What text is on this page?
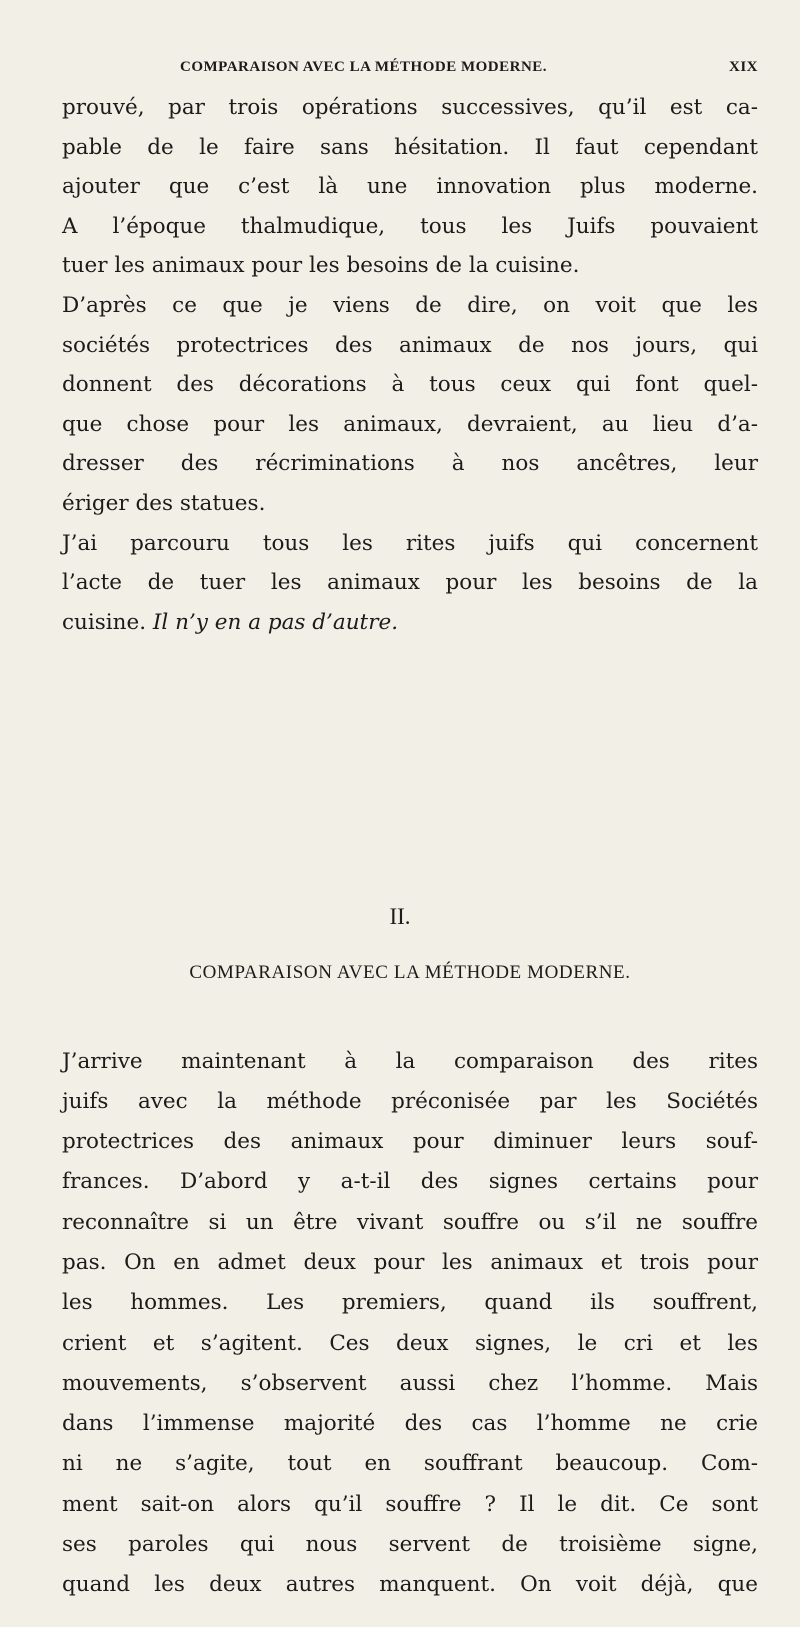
COMPARAISON AVEC LA MÉTHODE MODERNE.	XIX

prouvé, par trois opérations successives, qu’il est ca-
pable de le faire sans hésitation. Il faut cependant
ajouter que c’est là une innovation plus moderne.
A l’époque thalmudique, tous les Juifs pouvaient
tuer les animaux pour les besoins de la cuisine.

D’après ce que je viens de dire, on voit que les
sociétés protectrices des animaux de nos jours, qui
donnent des décorations à tous ceux qui font quel-
que chose pour les animaux, devraient, au lieu d’a-
dresser des récriminations à nos ancêtres, leur
ériger des statues.

J’ai parcouru tous les rites juifs qui concernent
l’acte de tuer les animaux pour les besoins de la
cuisine. Il n’y en a pas d’autre.

II.
COMPARAISON AVEC LA MÉTHODE MODERNE.

J’arrive maintenant à la comparaison des rites
juifs avec la méthode préconisée par les Sociétés
protectrices des animaux pour diminuer leurs souf-
frances. D’abord y a-t-il des signes certains pour
reconnaître si un être vivant souffre ou s’il ne souffre
pas. On en admet deux pour les animaux et trois pour
les hommes. Les premiers, quand ils souffrent,
crient et s’agitent. Ces deux signes, le cri et les
mouvements, s’observent aussi chez l’homme. Mais
dans l’immense majorité des cas l’homme ne crie
ni ne s’agite, tout en souffrant beaucoup. Com-
ment sait-on alors qu’il souffre ? Il le dit. Ce sont
ses paroles qui nous servent de troisième signe,
quand les deux autres manquent. On voit déjà, que
